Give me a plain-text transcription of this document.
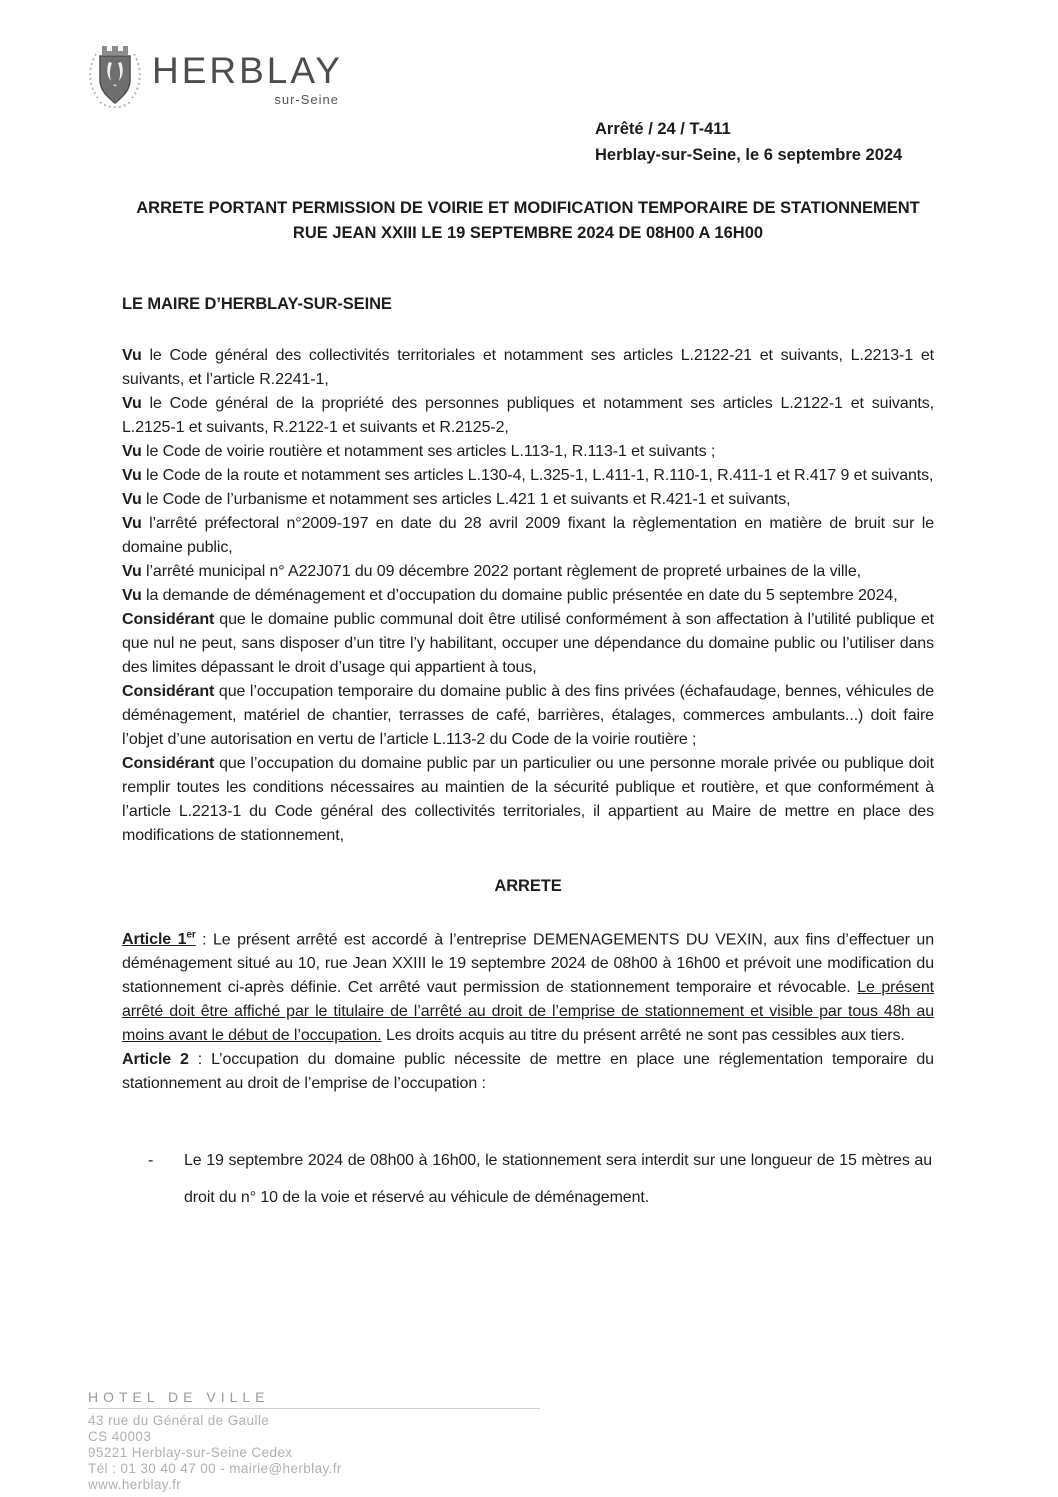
HERBLAY
sur-Seine
Arrêté / 24 / T-411
Herblay-sur-Seine, le 6 septembre 2024
ARRETE PORTANT PERMISSION DE VOIRIE ET MODIFICATION TEMPORAIRE DE STATIONNEMENT
RUE JEAN XXIII LE 19 SEPTEMBRE 2024 DE 08H00 A 16H00

LE MAIRE D’HERBLAY-SUR-SEINE

Vu le Code général des collectivités territoriales et notamment ses articles L.2122-21 et suivants, L.2213-1 et suivants, et l’article R.2241-1,

Vu le Code général de la propriété des personnes publiques et notamment ses articles L.2122-1 et suivants, L.2125-1 et suivants, R.2122-1 et suivants et R.2125-2,

Vu le Code de voirie routière et notamment ses articles L.113-1, R.113-1 et suivants ;

Vu le Code de la route et notamment ses articles L.130-4, L.325-1, L.411-1, R.110-1, R.411-1 et R.417 9 et suivants,

Vu le Code de l’urbanisme et notamment ses articles L.421 1 et suivants et R.421-1 et suivants,

Vu l’arrêté préfectoral n°2009-197 en date du 28 avril 2009 fixant la règlementation en matière de bruit sur le domaine public,

Vu l’arrêté municipal n° A22J071 du 09 décembre 2022 portant règlement de propreté urbaines de la ville,

Vu la demande de déménagement et d’occupation du domaine public présentée en date du 5 septembre 2024,

Considérant que le domaine public communal doit être utilisé conformément à son affectation à l’utilité publique et que nul ne peut, sans disposer d’un titre l’y habilitant, occuper une dépendance du domaine public ou l’utiliser dans des limites dépassant le droit d’usage qui appartient à tous,

Considérant que l’occupation temporaire du domaine public à des fins privées (échafaudage, bennes, véhicules de déménagement, matériel de chantier, terrasses de café, barrières, étalages, commerces ambulants...) doit faire l’objet d’une autorisation en vertu de l’article L.113-2 du Code de la voirie routière ;

Considérant que l’occupation du domaine public par un particulier ou une personne morale privée ou publique doit remplir toutes les conditions nécessaires au maintien de la sécurité publique et routière, et que conformément à l’article L.2213-1 du Code général des collectivités territoriales, il appartient au Maire de mettre en place des modifications de stationnement,

ARRETE

Article 1er : Le présent arrêté est accordé à l’entreprise DEMENAGEMENTS DU VEXIN, aux fins d’effectuer un déménagement situé au 10, rue Jean XXIII le 19 septembre 2024 de 08h00 à 16h00 et prévoit une modification du stationnement ci-après définie. Cet arrêté vaut permission de stationnement temporaire et révocable. Le présent arrêté doit être affiché par le titulaire de l’arrêté au droit de l’emprise de stationnement et visible par tous 48h au moins avant le début de l’occupation. Les droits acquis au titre du présent arrêté ne sont pas cessibles aux tiers.

Article 2 : L’occupation du domaine public nécessite de mettre en place une réglementation temporaire du stationnement au droit de l’emprise de l’occupation :

-	Le 19 septembre 2024 de 08h00 à 16h00, le stationnement sera interdit sur une longueur de 15 mètres au droit du n° 10 de la voie et réservé au véhicule de déménagement.
HOTEL DE VILLE
43 rue du Général de Gaulle
CS 40003
95221 Herblay-sur-Seine Cedex
Tél : 01 30 40 47 00 - mairie@herblay.fr
www.herblay.fr
